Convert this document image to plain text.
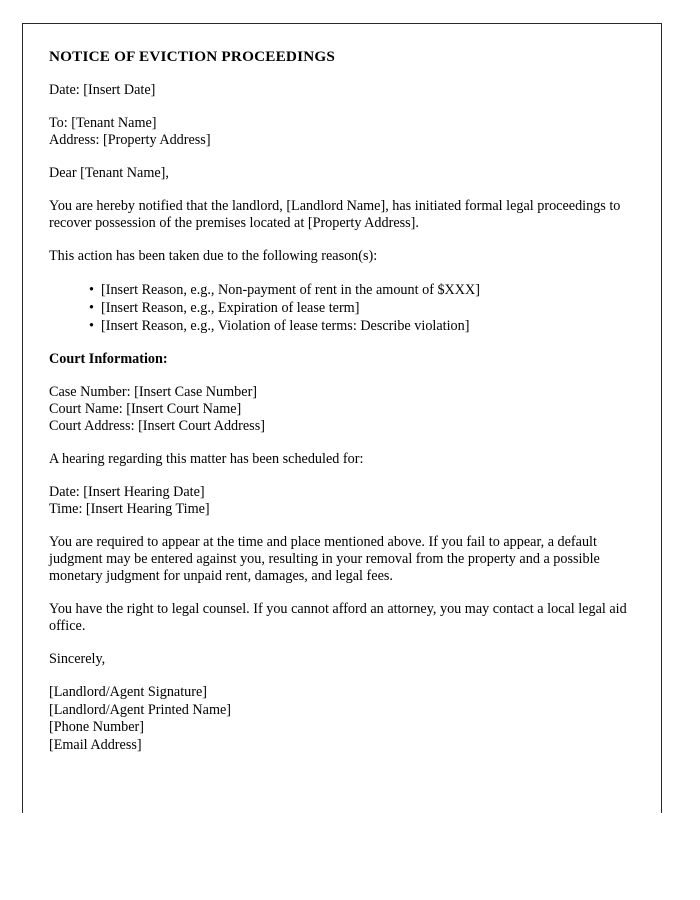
NOTICE OF EVICTION PROCEEDINGS
Date: [Insert Date]
To: [Tenant Name]
Address: [Property Address]
Dear [Tenant Name],
You are hereby notified that the landlord, [Landlord Name], has initiated formal legal proceedings to recover possession of the premises located at [Property Address].
This action has been taken due to the following reason(s):
• [Insert Reason, e.g., Non-payment of rent in the amount of $XXX]
• [Insert Reason, e.g., Expiration of lease term]
• [Insert Reason, e.g., Violation of lease terms: Describe violation]
Court Information:
Case Number: [Insert Case Number]
Court Name: [Insert Court Name]
Court Address: [Insert Court Address]
A hearing regarding this matter has been scheduled for:
Date: [Insert Hearing Date]
Time: [Insert Hearing Time]
You are required to appear at the time and place mentioned above. If you fail to appear, a default judgment may be entered against you, resulting in your removal from the property and a possible monetary judgment for unpaid rent, damages, and legal fees.
You have the right to legal counsel. If you cannot afford an attorney, you may contact a local legal aid office.
Sincerely,
[Landlord/Agent Signature]
[Landlord/Agent Printed Name]
[Phone Number]
[Email Address]
